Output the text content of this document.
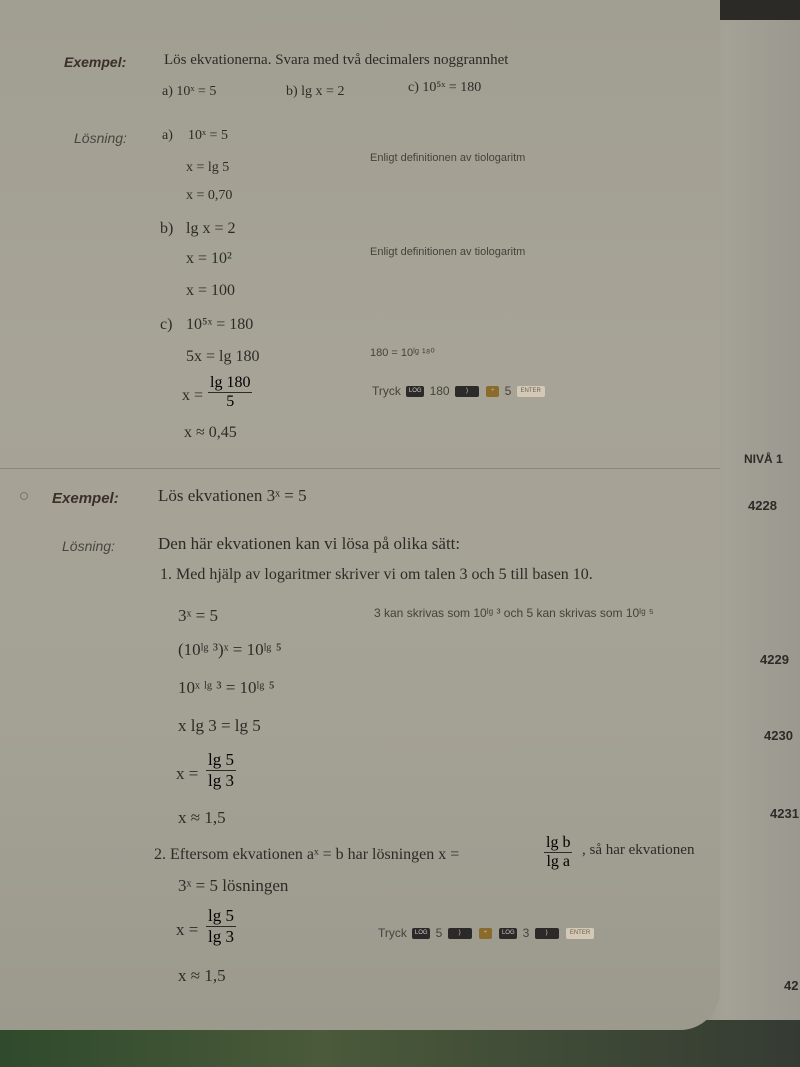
NIVÅ 1
4228
4229
4230
4231
42
Exempel:	Lös ekvationerna. Svara med två decimalers noggrannhet
a) 10ˣ = 5	b) lg x = 2	c) 10⁵ˣ = 180
Lösning:	a) 10ˣ = 5
x = lg 5
x = 0,70
Enligt definitionen av tiologaritm
b) lg x = 2
x = 10²
x = 100
Enligt definitionen av tiologaritm
c) 10⁵ˣ = 180
5x = lg 180
$x = \frac{\lg 180}{5}$
x ≈ 0,45
180 = 10ˡᵍ ¹⁸⁰
Tryck LOG 180	)	÷ 5 ENTER
Exempel: Lös ekvationen 3ˣ = 5
Lösning:	Den här ekvationen kan vi lösa på olika sätt:
1. Med hjälp av logaritmer skriver vi om talen 3 och 5 till basen 10.
3ˣ = 5	3 kan skrivas som 10ˡᵍ ³ och 5 kan skrivas som 10ˡᵍ ⁵
(10ˡᵍ ³)ˣ = 10ˡᵍ ⁵
10ˣ ˡᵍ ³ = 10ˡᵍ ⁵
x lg 3 = lg 5
$x = \frac{\lg 5}{\lg 3}$
x ≈ 1,5
2. Eftersom ekvationen aˣ = b har lösningen x =	$\frac{\text{lg b}}{\text{lg a}}$ , så har ekvationen
3ˣ = 5 lösningen
$x = \frac{\lg 5}{\lg 3}$
x ≈ 1,5
Tryck LOG 5	)	÷ LOG 3	)	ENTER
